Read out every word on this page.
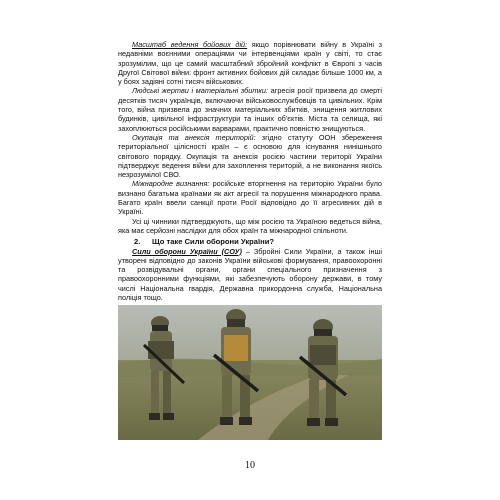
Масштаб ведення бойових дій: якщо порівнювати війну в Україні з недавніми воєнними операціями чи інтервенціями країн у світі, то стає зрозумілим, що це самий масштабний збройний конфлікт в Європі з часів Другої Світової війни: фронт активних бойових дій складає більше 1000 км, а у боях задіяні сотні тисяч військових.

Людські жертви і матеріальні збитки: агресія росії призвела до смерті десятків тисяч українців, включаючи військовослужбовців та цивільних. Крім того, війна призвела до значних матеріальних збитків, знищення житлових будинків, цивільної інфраструктури та інших об'єктів. Міста та селища, які захоплюються російськими варварами, практично повністю знищуються.

Окупація та анексія територій: згідно статуту ООН збереження територіальної цілісності країн – є основою для існування нинішнього світового порядку. Окупація та анексія росією частини території України підтверджує ведення війни для захоплення територій, а не виконання якоїсь незрозумілої СВО.

Міжнародне визнання: російське вторгнення на територію України було визнано багатьма країнами як акт агресії та порушення міжнародного права. Багато країн ввели санкції проти Росії відповідно до її агресивних дій в Україні.

Усі ці чинники підтверджують, що між росією та Україною ведеться війна, яка має серйозні наслідки для обох країн та міжнародної спільноти.

2. Що таке Сили оборони України?

Сили оборони України (СОУ) – Збройні Сили України, а також інші утворені відповідно до законів України військові формування, правоохоронні та розвідувальні органи, органи спеціального призначення з правоохоронними функціями, які забезпечують оборону держави, в тому числі Національна гвардія, Державна прикордонна служба, Національна поліція тощо.

10
